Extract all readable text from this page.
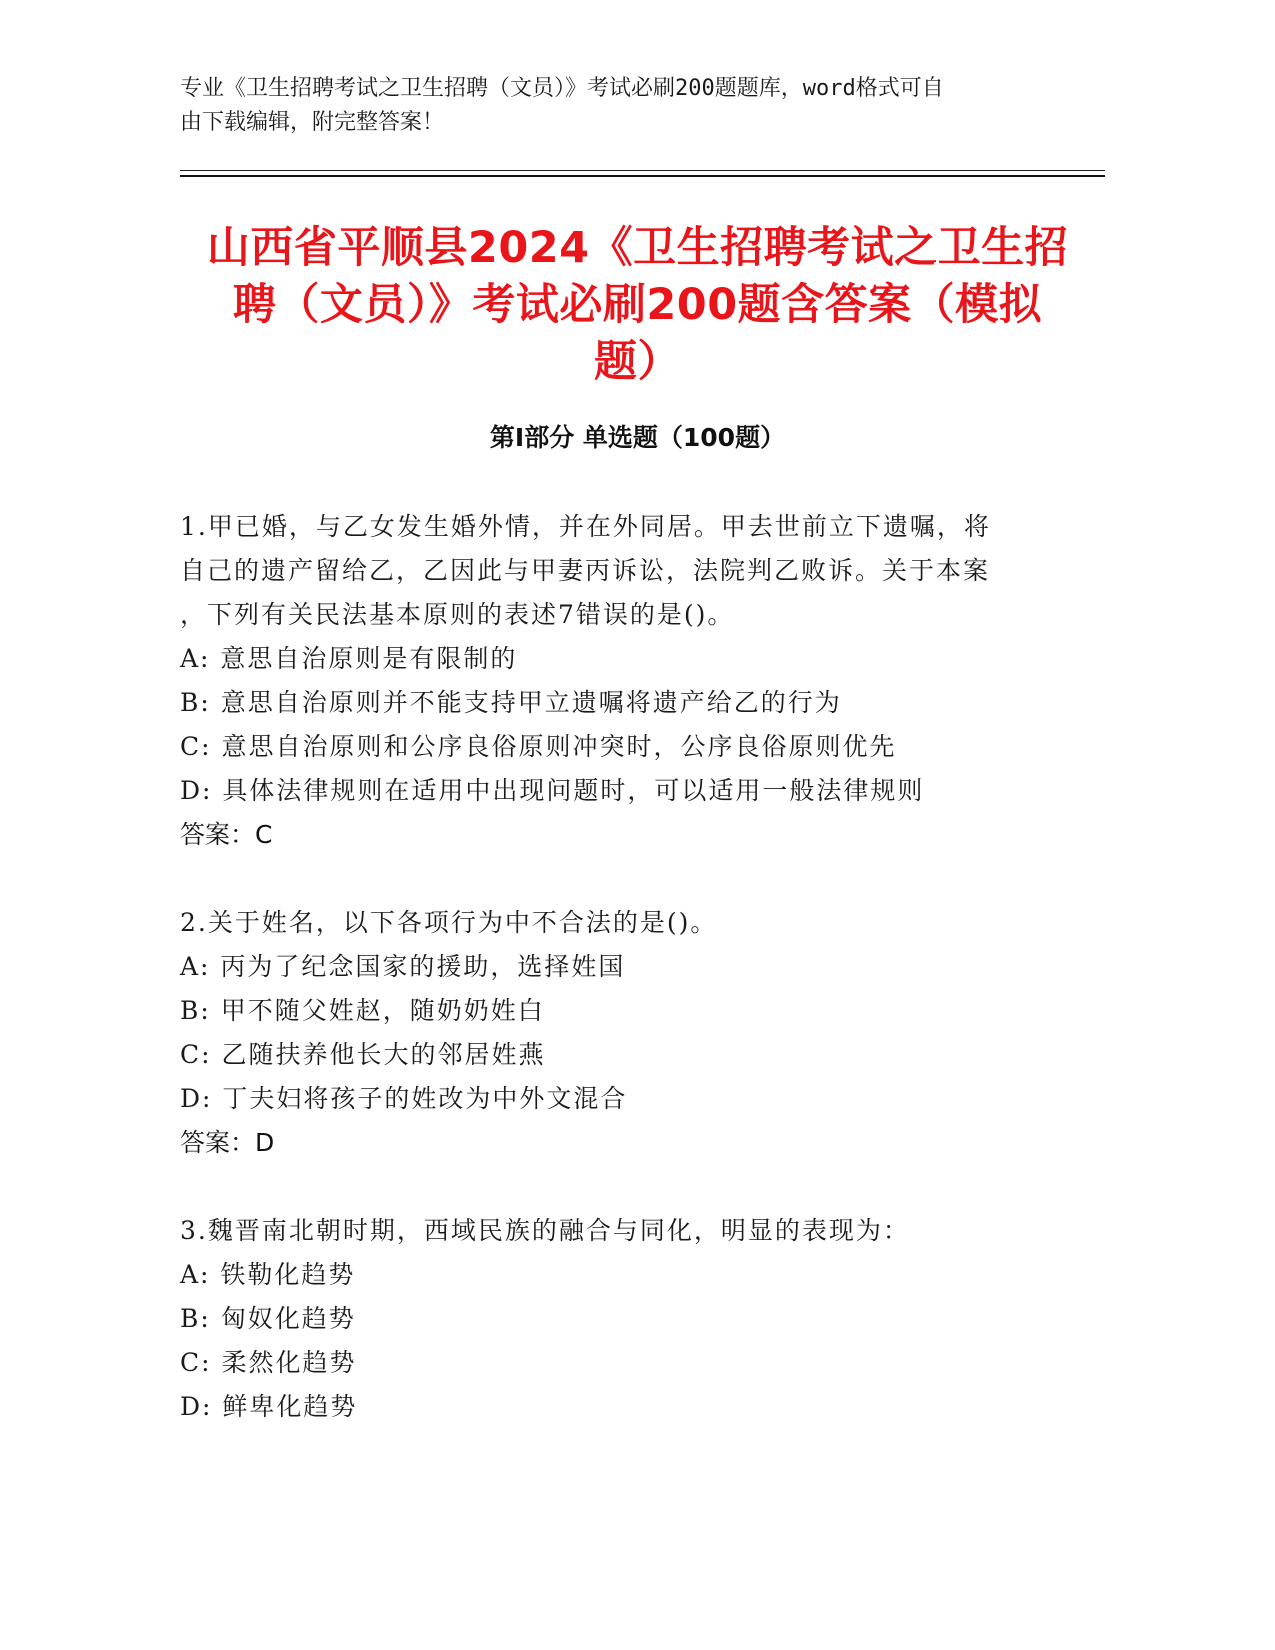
专业《卫生招聘考试之卫生招聘（文员）》考试必刷200题题库，word格式可自
由下载编辑，附完整答案！
山西省平顺县2024《卫生招聘考试之卫生招
聘（文员）》考试必刷200题含答案（模拟
题）
第Ⅰ部分 单选题（100题）
1.甲已婚，与乙女发生婚外情，并在外同居。甲去世前立下遗嘱，将
自己的遗产留给乙，乙因此与甲妻丙诉讼，法院判乙败诉。关于本案
，下列有关民法基本原则的表述7错误的是()。
A: 意思自治原则是有限制的
B: 意思自治原则并不能支持甲立遗嘱将遗产给乙的行为
C: 意思自治原则和公序良俗原则冲突时，公序良俗原则优先
D: 具体法律规则在适用中出现问题时，可以适用一般法律规则
答案：C
2.关于姓名，以下各项行为中不合法的是()。
A: 丙为了纪念国家的援助，选择姓国
B: 甲不随父姓赵，随奶奶姓白
C: 乙随扶养他长大的邻居姓燕
D: 丁夫妇将孩子的姓改为中外文混合
答案：D
3.魏晋南北朝时期，西域民族的融合与同化，明显的表现为：
A: 铁勒化趋势
B: 匈奴化趋势
C: 柔然化趋势
D: 鲜卑化趋势
